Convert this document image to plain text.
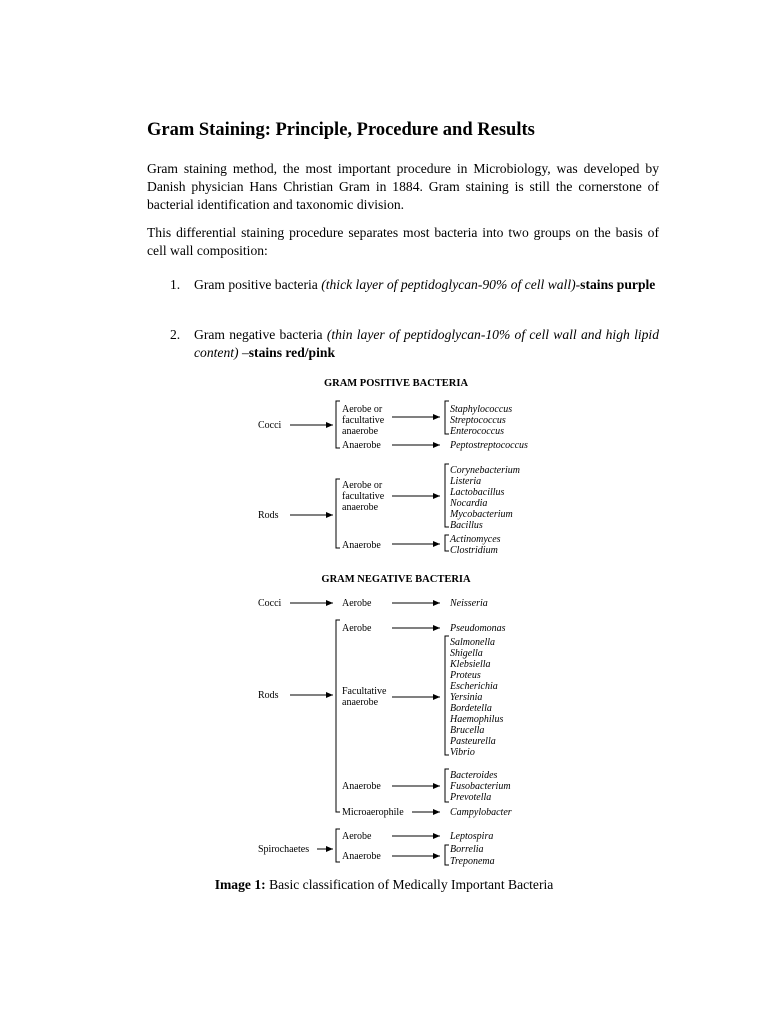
Gram Staining: Principle, Procedure and Results

Gram staining method, the most important procedure in Microbiology, was developed by Danish physician Hans Christian Gram in 1884. Gram staining is still the cornerstone of bacterial identification and taxonomic division.

This differential staining procedure separates most bacteria into two groups on the basis of cell wall composition:

1. Gram positive bacteria (thick layer of peptidoglycan-90% of cell wall)-stains purple
2. Gram negative bacteria (thin layer of peptidoglycan-10% of cell wall and high lipid content) –stains red/pink
GRAM POSITIVE BACTERIA
Cocci
Aerobe or
facultative
anaerobe
Staphylococcus
Streptococcus
Enterococcus
Anaerobe	Peptostreptococcus
Rods
Aerobe or
facultative
anaerobe
Corynebacterium
Listeria
Lactobacillus
Nocardia
Mycobacterium
Bacillus
Anaerobe
Actinomyces
Clostridium
GRAM NEGATIVE BACTERIA
Cocci	Aerobe	Neisseria
Rods
Aerobe	Pseudomonas
Facultative
anaerobe
Salmonella
Shigella
Klebsiella
Proteus
Escherichia
Yersinia
Bordetella
Haemophilus
Brucella
Pasteurella
Vibrio
Anaerobe
Bacteroides
Fusobacterium
Prevotella
Microaerophile	Campylobacter
Spirochaetes
Aerobe	Leptospira
Anaerobe
Borrelia
Treponema
Image 1: Basic classification of Medically Important Bacteria
